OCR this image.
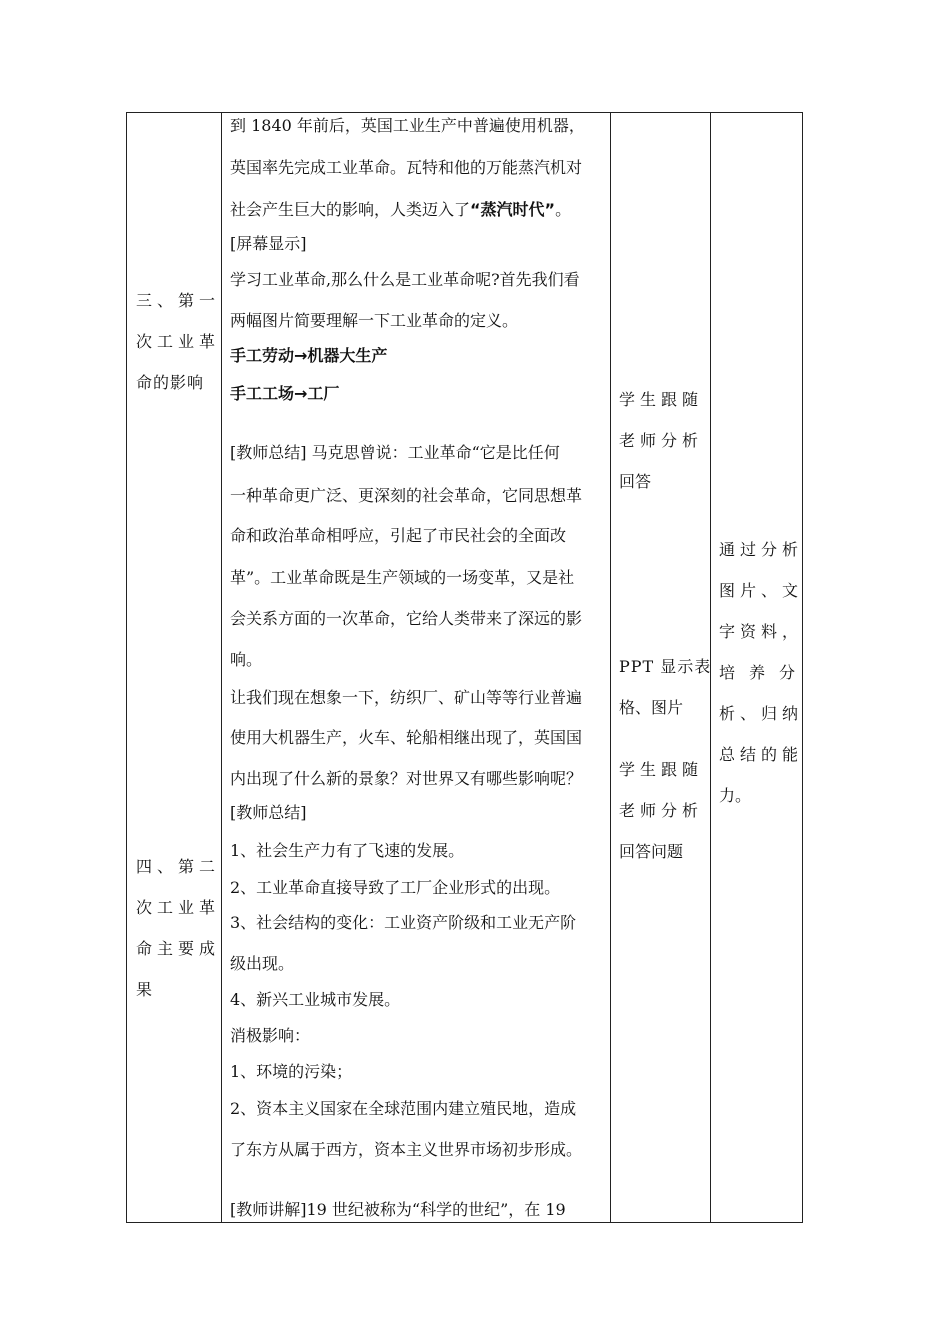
三、第一
次工业革
命的影响
四、第二
次工业革
命主要成
果
到 1840 年前后，英国工业生产中普遍使用机器，
英国率先完成工业革命。瓦特和他的万能蒸汽机对
社会产生巨大的影响，人类迈入了“蒸汽时代”。
[屏幕显示]
学习工业革命,那么什么是工业革命呢?首先我们看
两幅图片简要理解一下工业革命的定义。
手工劳动→机器大生产
手工工场→工厂
[教师总结] 马克思曾说：工业革命“它是比任何
一种革命更广泛、更深刻的社会革命，它同思想革
命和政治革命相呼应，引起了市民社会的全面改
革”。工业革命既是生产领域的一场变革，又是社
会关系方面的一次革命，它给人类带来了深远的影
响。
让我们现在想象一下，纺织厂、矿山等等行业普遍
使用大机器生产，火车、轮船相继出现了，英国国
内出现了什么新的景象？对世界又有哪些影响呢？
[教师总结]
1、社会生产力有了飞速的发展。
2、工业革命直接导致了工厂企业形式的出现。
3、社会结构的变化：工业资产阶级和工业无产阶
级出现。
4、新兴工业城市发展。
消极影响：
1、环境的污染；
2、资本主义国家在全球范围内建立殖民地，造成
了东方从属于西方，资本主义世界市场初步形成。
[教师讲解]19 世纪被称为“科学的世纪”，在 19
学生跟随
老师分析
回答
PPT 显示表
格、图片
学生跟随
老师分析
回答问题
通过分析
图片、文
字资料，
培养分
析、归纳
总结的能
力。
